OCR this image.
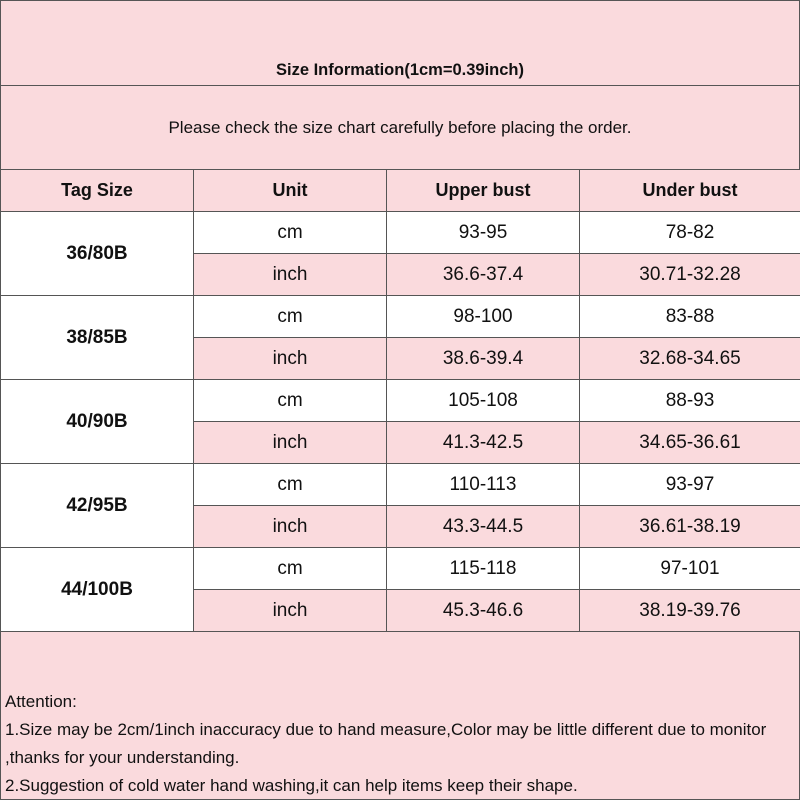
Size Information(1cm=0.39inch)
Please check the size chart carefully before placing the order.
Tag Size	Unit	Upper bust	Under bust
36/80B	cm	93-95	78-82
	inch	36.6-37.4	30.71-32.28
38/85B	cm	98-100	83-88
	inch	38.6-39.4	32.68-34.65
40/90B	cm	105-108	88-93
	inch	41.3-42.5	34.65-36.61
42/95B	cm	110-113	93-97
	inch	43.3-44.5	36.61-38.19
44/100B	cm	115-118	97-101
	inch	45.3-46.6	38.19-39.76

Attention:

1.Size may be 2cm/1inch inaccuracy due to hand measure,Color may be little different due to monitor ,thanks for your understanding.

2.Suggestion of cold water hand washing,it can help items keep their shape.
